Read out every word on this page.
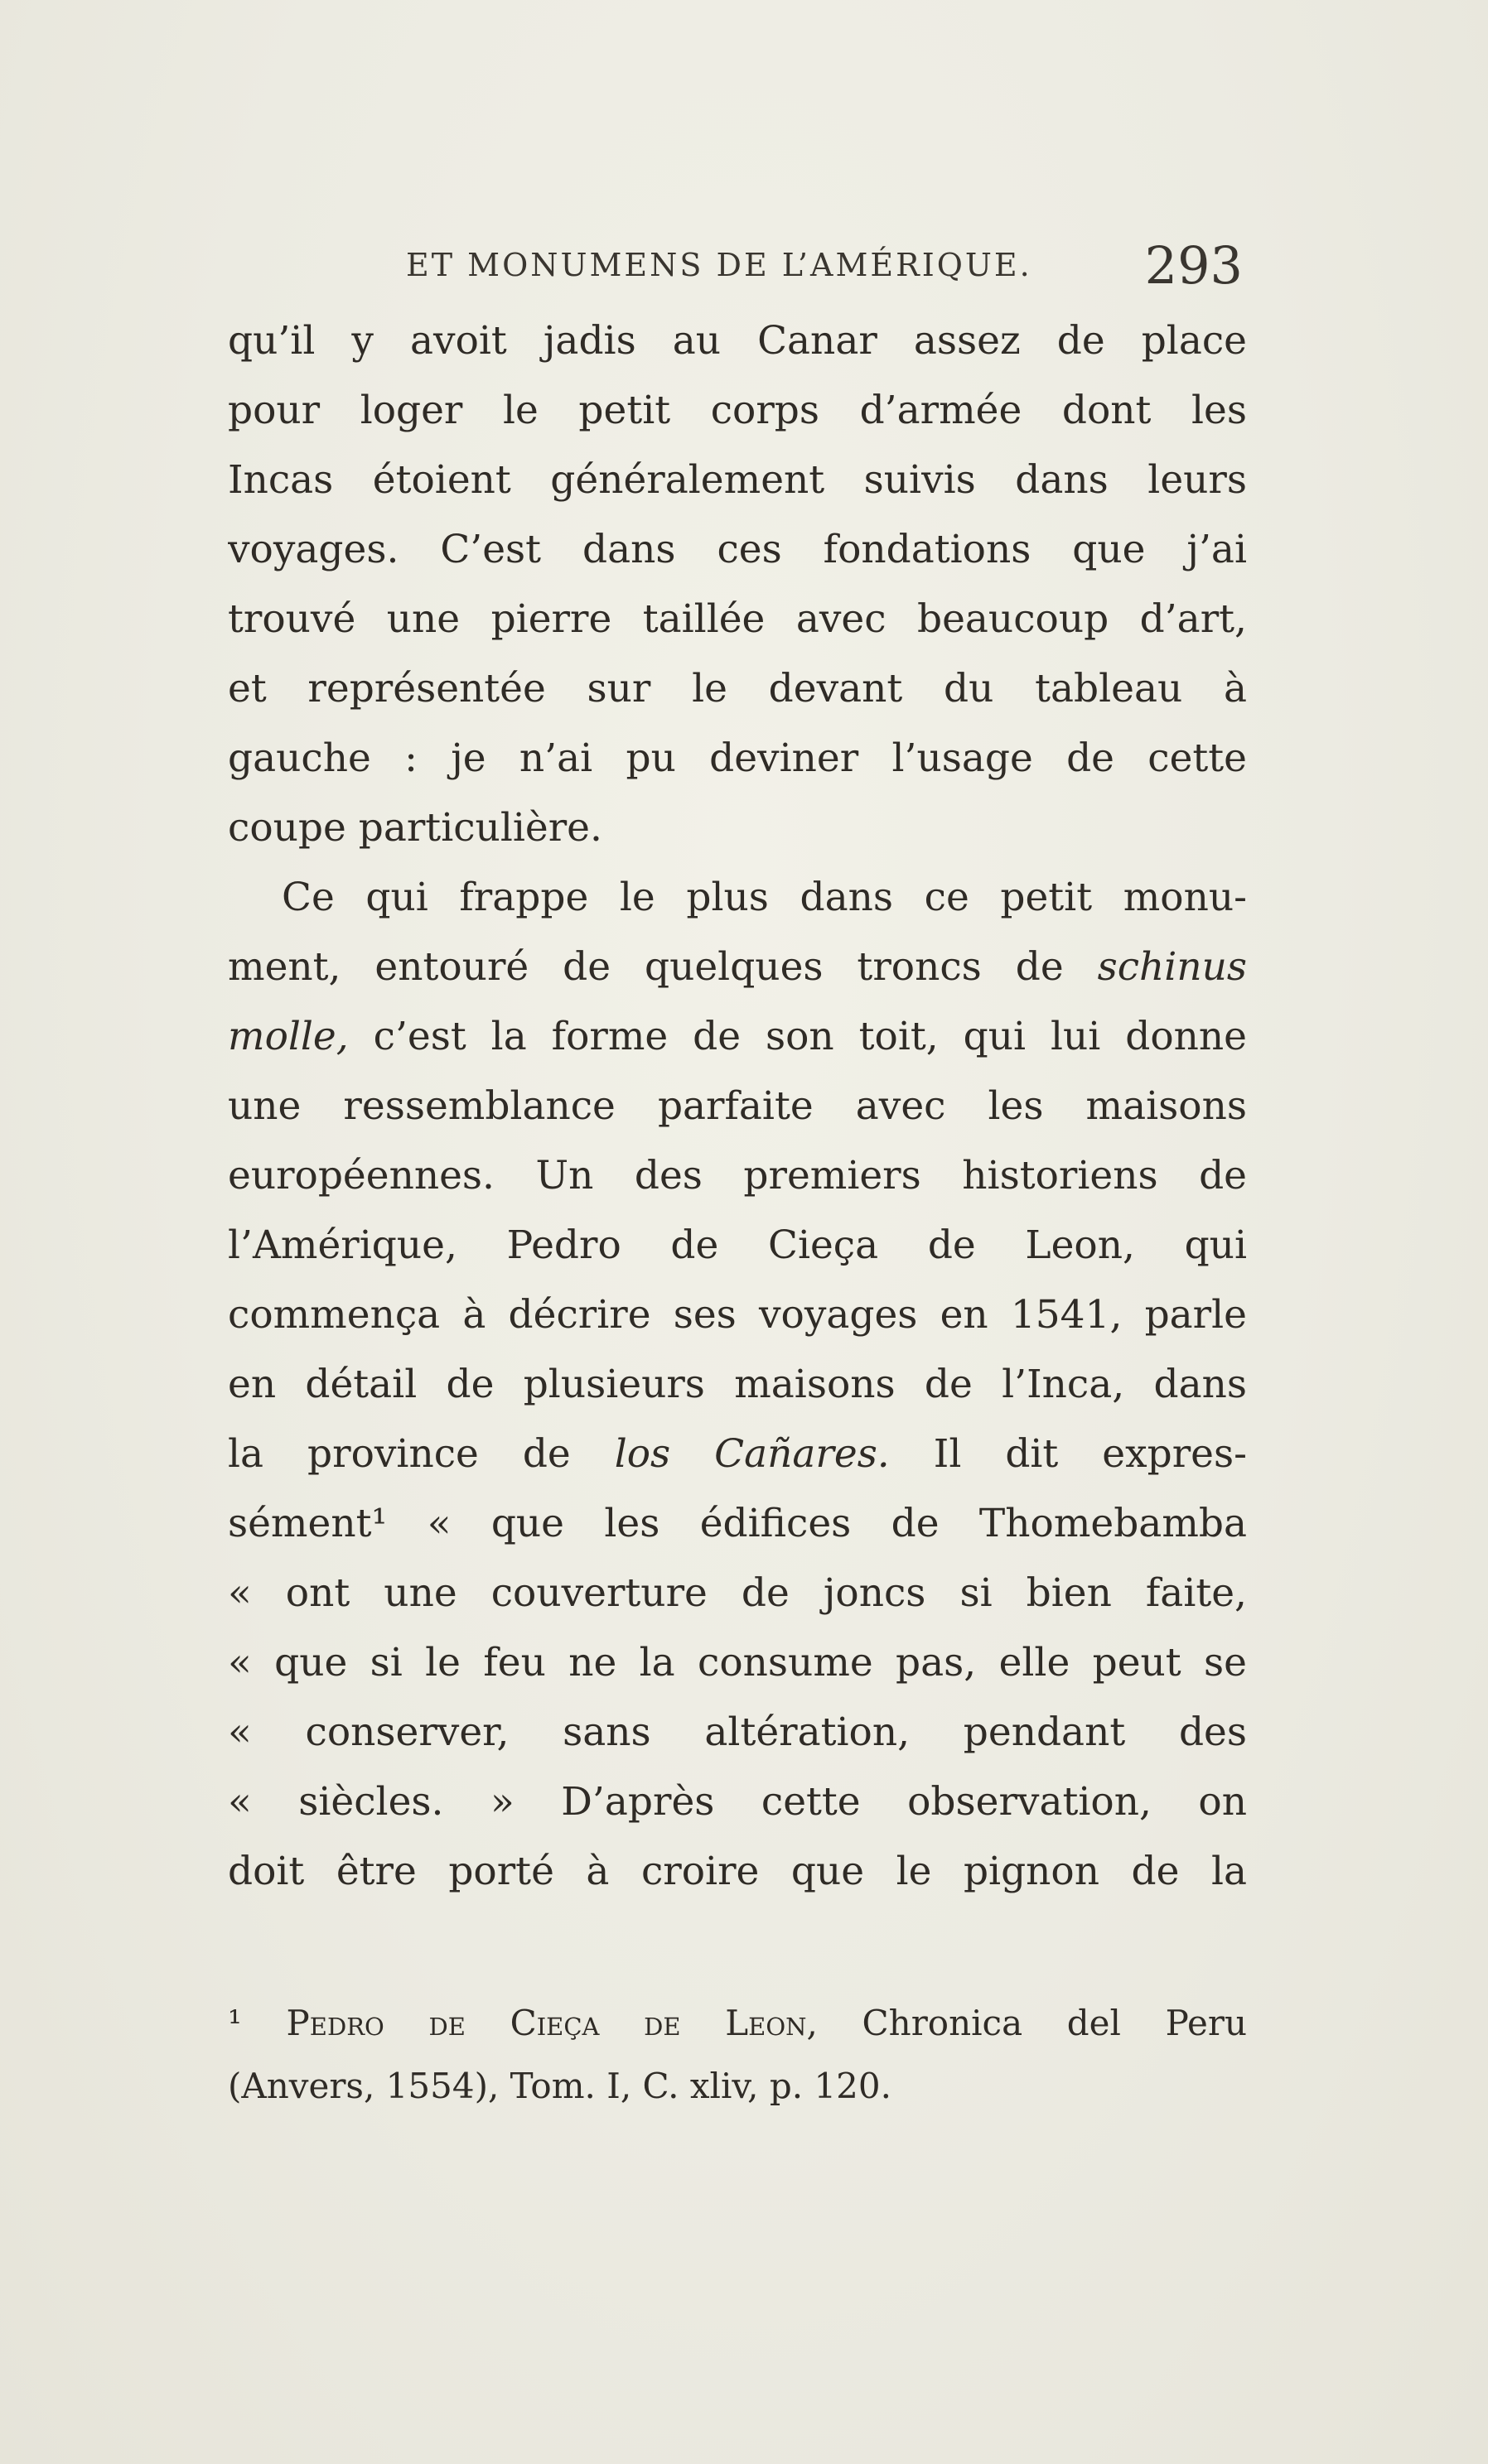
ET MONUMENS DE L’AMÉRIQUE. 293
qu’il y avoit jadis au Canar assez de place
pour loger le petit corps d’armée dont les
Incas étoient généralement suivis dans leurs
voyages. C’est dans ces fondations que j’ai
trouvé une pierre taillée avec beaucoup d’art,
et représentée sur le devant du tableau à
gauche : je n’ai pu deviner l’usage de cette
coupe particulière.
Ce qui frappe le plus dans ce petit monu-
ment, entouré de quelques troncs de schinus
molle, c’est la forme de son toit, qui lui donne
une ressemblance parfaite avec les maisons
européennes. Un des premiers historiens de
l’Amérique, Pedro de Cieça de Leon, qui
commença à décrire ses voyages en 1541, parle
en détail de plusieurs maisons de l’Inca, dans
la province de los Cañares. Il dit expres-
sément¹ « que les édifices de Thomebamba
« ont une couverture de joncs si bien faite,
« que si le feu ne la consume pas, elle peut se
« conserver, sans altération, pendant des
« siècles. » D’après cette observation, on
doit être porté à croire que le pignon de la
¹ Pedro de Cieça de Leon, Chronica del Peru
(Anvers, 1554), Tom. I, C. xliv, p. 120.
